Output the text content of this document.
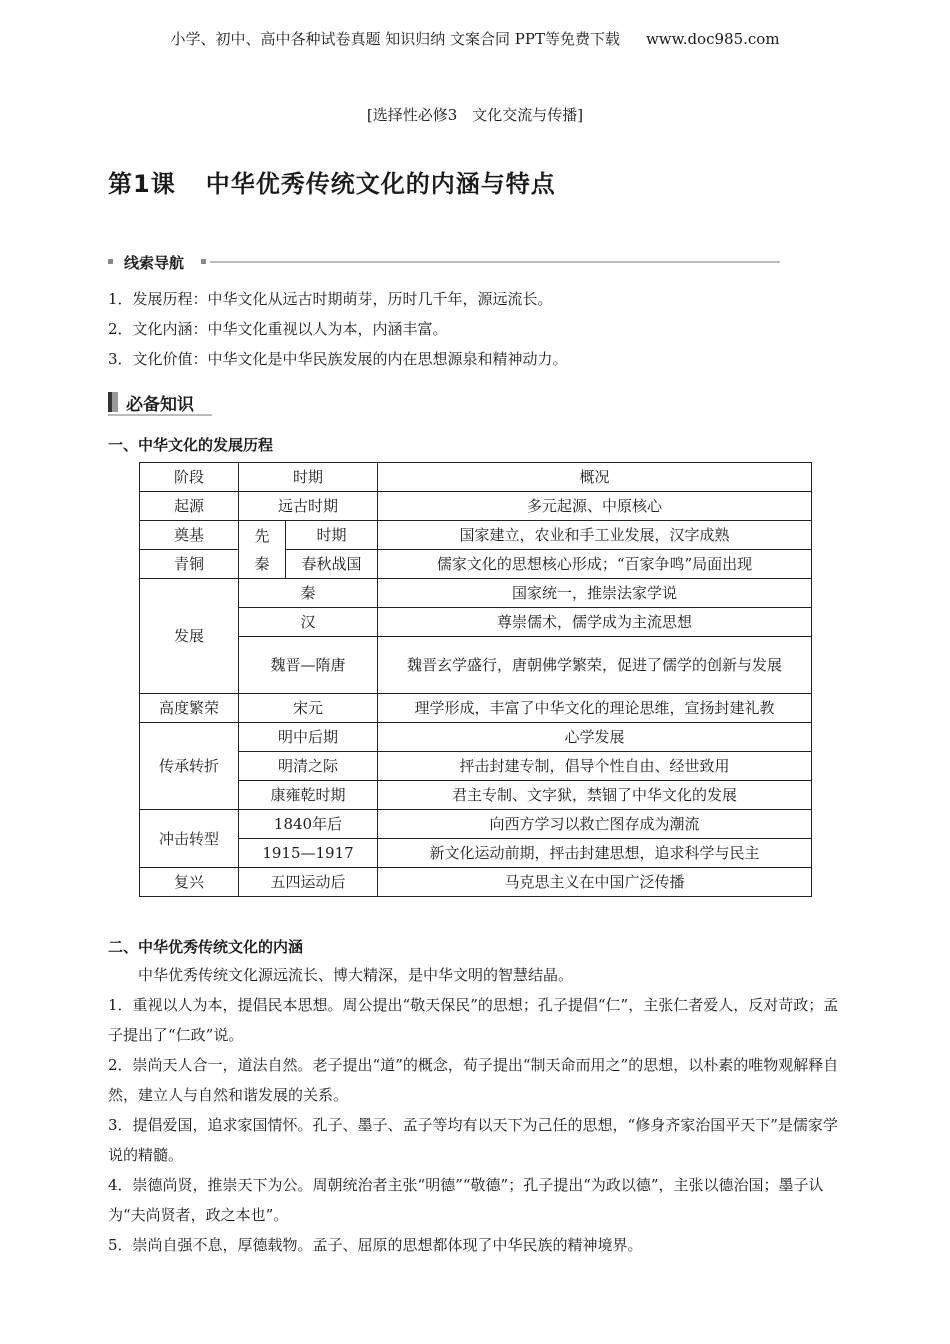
小学、初中、高中各种试卷真题 知识归纳 文案合同 PPT等免费下载 www.doc985.com
[选择性必修3　文化交流与传播]
第1课 中华优秀传统文化的内涵与特点
线索导航
1．发展历程：中华文化从远古时期萌芽，历时几千年，源远流长。
2．文化内涵：中华文化重视以人为本，内涵丰富。
3．文化价值：中华文化是中华民族发展的内在思想源泉和精神动力。
必备知识
一、中华文化的发展历程
阶段	时期		概况
起源	远古时期		多元起源、中原核心
奠基	先秦	时期	国家建立，农业和手工业发展，汉字成熟
青铜		春秋战国	儒家文化的思想核心形成；“百家争鸣”局面出现
发展	秦		国家统一，推崇法家学说
	汉		尊崇儒术，儒学成为主流思想
	魏晋—隋唐		魏晋玄学盛行，唐朝佛学繁荣，促进了儒学的创新与发展
高度繁荣	宋元		理学形成，丰富了中华文化的理论思维，宣扬封建礼教
传承转折	明中后期		心学发展
	明清之际		抨击封建专制，倡导个性自由、经世致用
	康雍乾时期		君主专制、文字狱，禁锢了中华文化的发展
冲击转型	1840年后		向西方学习以救亡图存成为潮流
	1915—1917		新文化运动前期，抨击封建思想，追求科学与民主
复兴	五四运动后		马克思主义在中国广泛传播
二、中华优秀传统文化的内涵

中华优秀传统文化源远流长、博大精深，是中华文明的智慧结晶。

1．重视以人为本，提倡民本思想。周公提出“敬天保民”的思想；孔子提倡“仁”，主张仁者爱人，反对苛政；孟子提出了“仁政”说。

2．崇尚天人合一，道法自然。老子提出“道”的概念，荀子提出“制天命而用之”的思想，以朴素的唯物观解释自然，建立人与自然和谐发展的关系。

3．提倡爱国，追求家国情怀。孔子、墨子、孟子等均有以天下为己任的思想，“修身齐家治国平天下”是儒家学说的精髓。

4．崇德尚贤，推崇天下为公。周朝统治者主张“明德”“敬德”；孔子提出“为政以德”，主张以德治国；墨子认为“夫尚贤者，政之本也”。

5．崇尚自强不息，厚德载物。孟子、屈原的思想都体现了中华民族的精神境界。
